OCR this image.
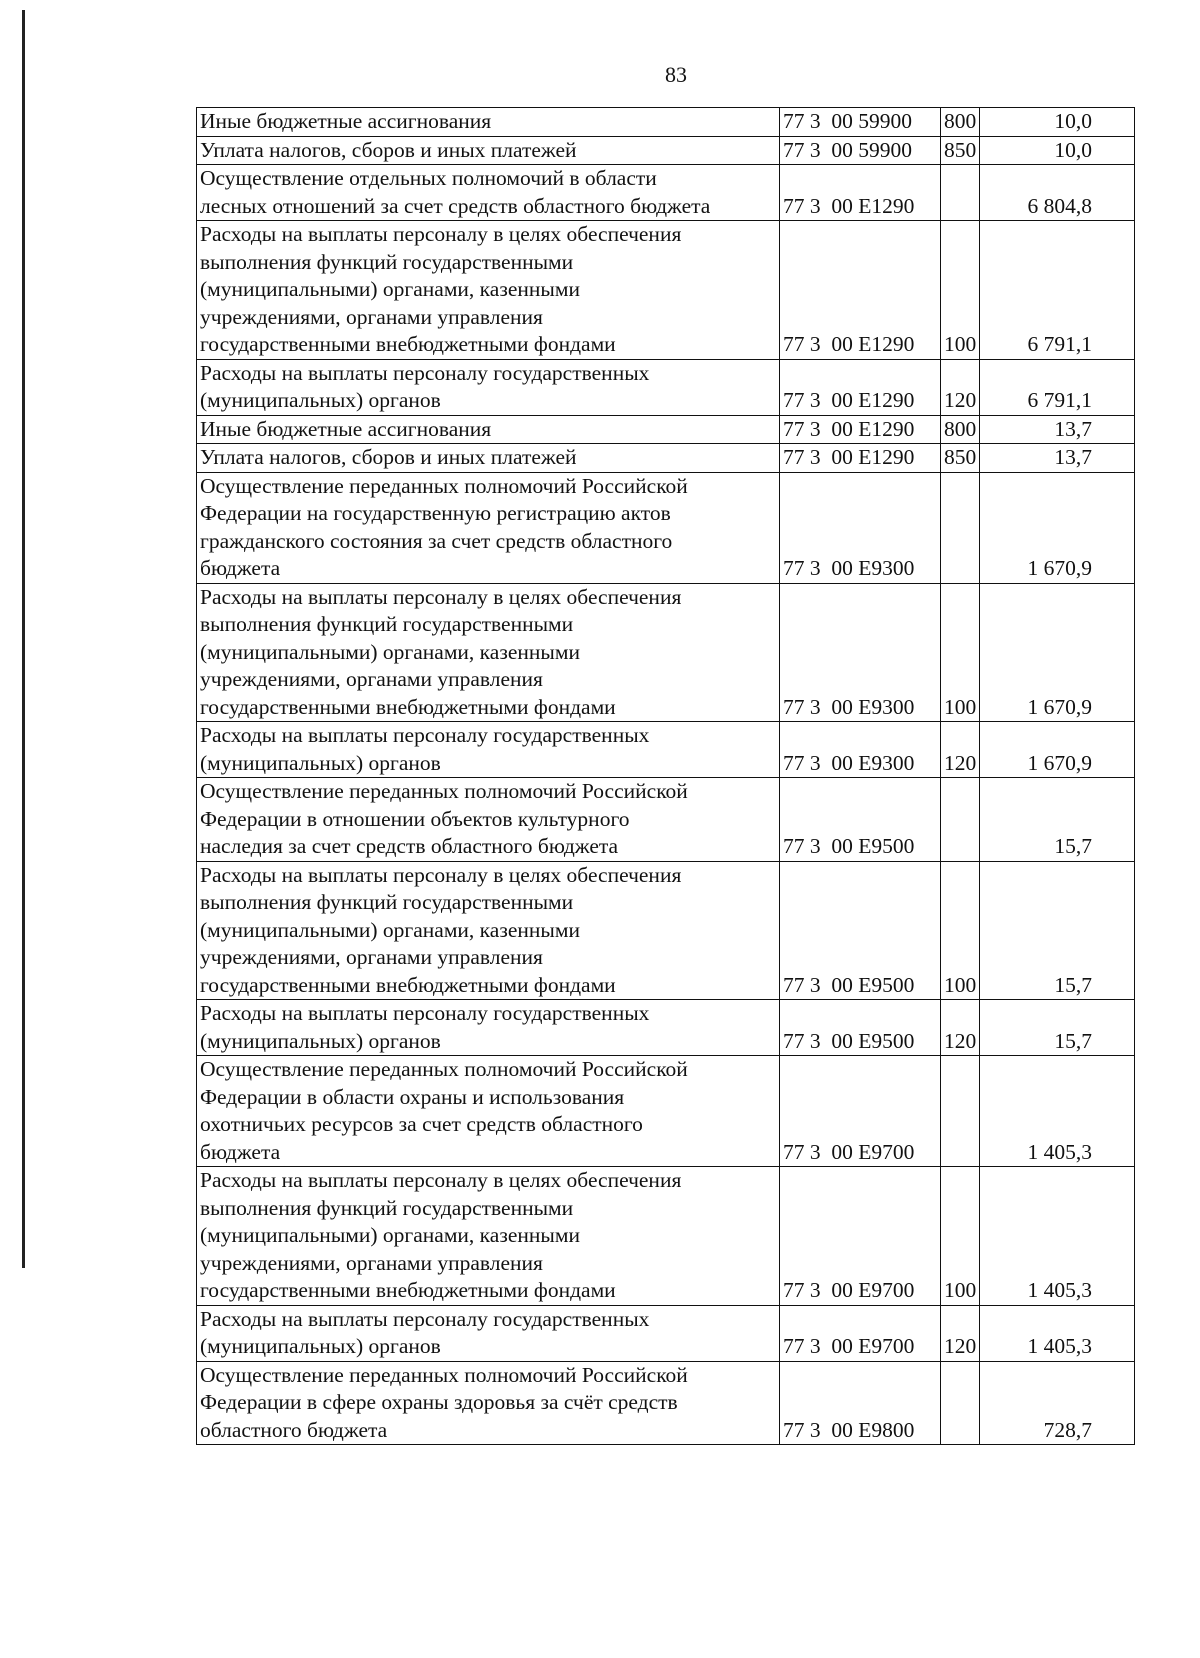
83
Иные бюджетные ассигнования	77 3  00 59900	800	10,0
Уплата налогов, сборов и иных платежей	77 3  00 59900	850	10,0
Осуществление отдельных полномочий в области
лесных отношений за счет средств областного бюджета	77 3  00 Е1290		6 804,8
Расходы на выплаты персоналу в целях обеспечения
выполнения функций государственными
(муниципальными) органами, казенными
учреждениями, органами управления
государственными внебюджетными фондами	77 3  00 Е1290	100	6 791,1
Расходы на выплаты персоналу государственных
(муниципальных) органов	77 3  00 Е1290	120	6 791,1
Иные бюджетные ассигнования	77 3  00 Е1290	800	13,7
Уплата налогов, сборов и иных платежей	77 3  00 Е1290	850	13,7
Осуществление переданных полномочий Российской
Федерации на государственную регистрацию актов
гражданского состояния за счет средств областного
бюджета	77 3  00 Е9300		1 670,9
Расходы на выплаты персоналу в целях обеспечения
выполнения функций государственными
(муниципальными) органами, казенными
учреждениями, органами управления
государственными внебюджетными фондами	77 3  00 Е9300	100	1 670,9
Расходы на выплаты персоналу государственных
(муниципальных) органов	77 3  00 Е9300	120	1 670,9
Осуществление переданных полномочий Российской
Федерации в отношении объектов культурного
наследия за счет средств областного бюджета	77 3  00 Е9500		15,7
Расходы на выплаты персоналу в целях обеспечения
выполнения функций государственными
(муниципальными) органами, казенными
учреждениями, органами управления
государственными внебюджетными фондами	77 3  00 Е9500	100	15,7
Расходы на выплаты персоналу государственных
(муниципальных) органов	77 3  00 Е9500	120	15,7
Осуществление переданных полномочий Российской
Федерации в области охраны и использования
охотничьих ресурсов за счет средств областного
бюджета	77 3  00 Е9700		1 405,3
Расходы на выплаты персоналу в целях обеспечения
выполнения функций государственными
(муниципальными) органами, казенными
учреждениями, органами управления
государственными внебюджетными фондами	77 3  00 Е9700	100	1 405,3
Расходы на выплаты персоналу государственных
(муниципальных) органов	77 3  00 Е9700	120	1 405,3
Осуществление переданных полномочий Российской
Федерации в сфере охраны здоровья за счёт средств
областного бюджета	77 3  00 Е9800		728,7
